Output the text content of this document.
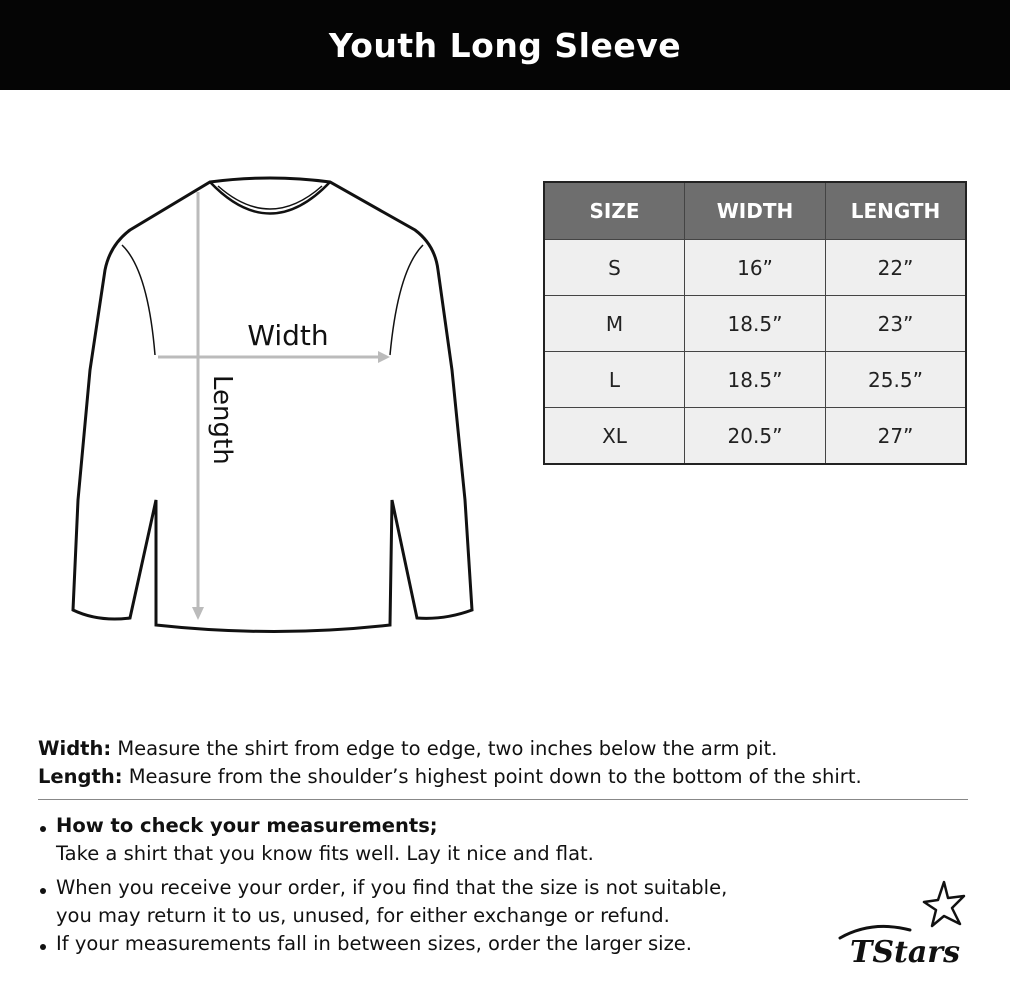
Youth Long Sleeve
Width
Length
SIZE	WIDTH	LENGTH
S	16”	22”
M	18.5”	23”
L	18.5”	25.5”
XL	20.5”	27”
Width: Measure the shirt from edge to edge, two inches below the arm pit.
Length: Measure from the shoulder’s highest point down to the bottom of the shirt.
How to check your measurements;
Take a shirt that you know fits well. Lay it nice and flat.
When you receive your order, if you find that the size is not suitable,
you may return it to us, unused, for either exchange or refund.
If your measurements fall in between sizes, order the larger size.	TStars
